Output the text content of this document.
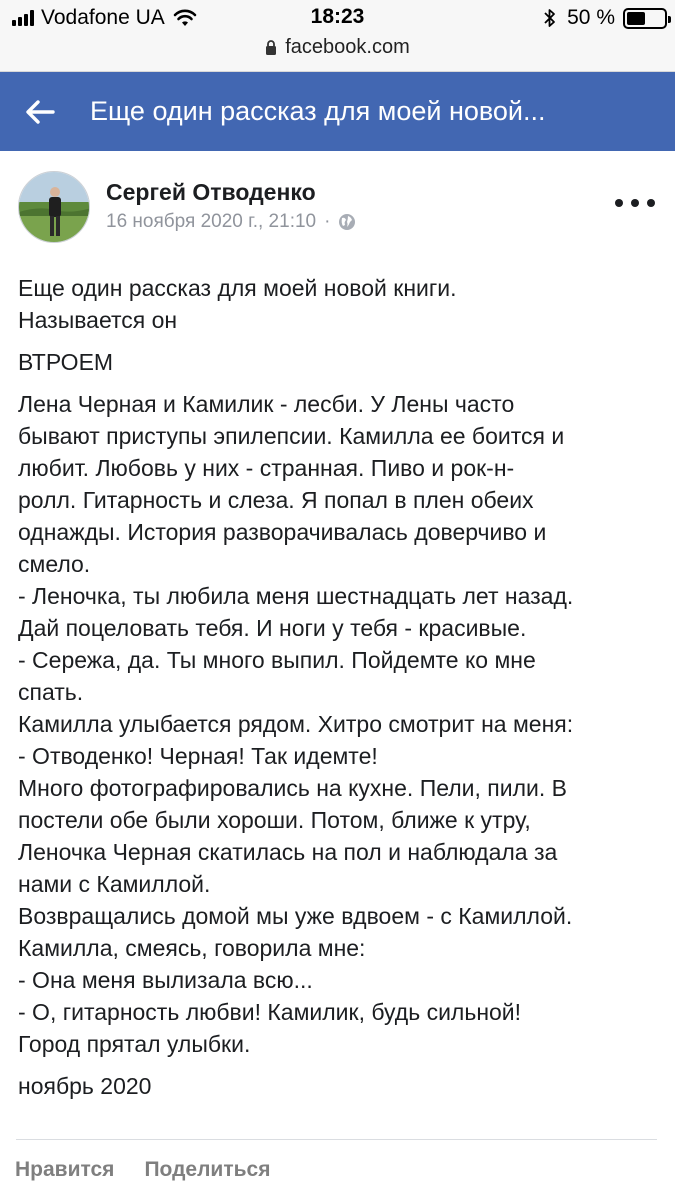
Vodafone UA	18:23	50 %
facebook.com
Еще один рассказ для моей новой...
Сергей Отводенко
16 ноября 2020 г., 21:10 ·

Еще один рассказ для моей новой книги.
Называется он

ВТРОЕМ

Лена Черная и Камилик - лесби. У Лены часто
бывают приступы эпилепсии. Камилла ее боится и
любит. Любовь у них - странная. Пиво и рок-н-
ролл. Гитарность и слеза. Я попал в плен обеих
однажды. История разворачивалась доверчиво и
смело.
- Леночка, ты любила меня шестнадцать лет назад.
Дай поцеловать тебя. И ноги у тебя - красивые.
- Сережа, да. Ты много выпил. Пойдемте ко мне
спать.
Камилла улыбается рядом. Хитро смотрит на меня:
- Отводенко! Черная! Так идемте!
Много фотографировались на кухне. Пели, пили. В
постели обе были хороши. Потом, ближе к утру,
Леночка Черная скатилась на пол и наблюдала за
нами с Камиллой.
Возвращались домой мы уже вдвоем - с Камиллой.
Камилла, смеясь, говорила мне:
- Она меня вылизала всю...
- О, гитарность любви! Камилик, будь сильной!
Город прятал улыбки.

ноябрь 2020

Нравится Поделиться
